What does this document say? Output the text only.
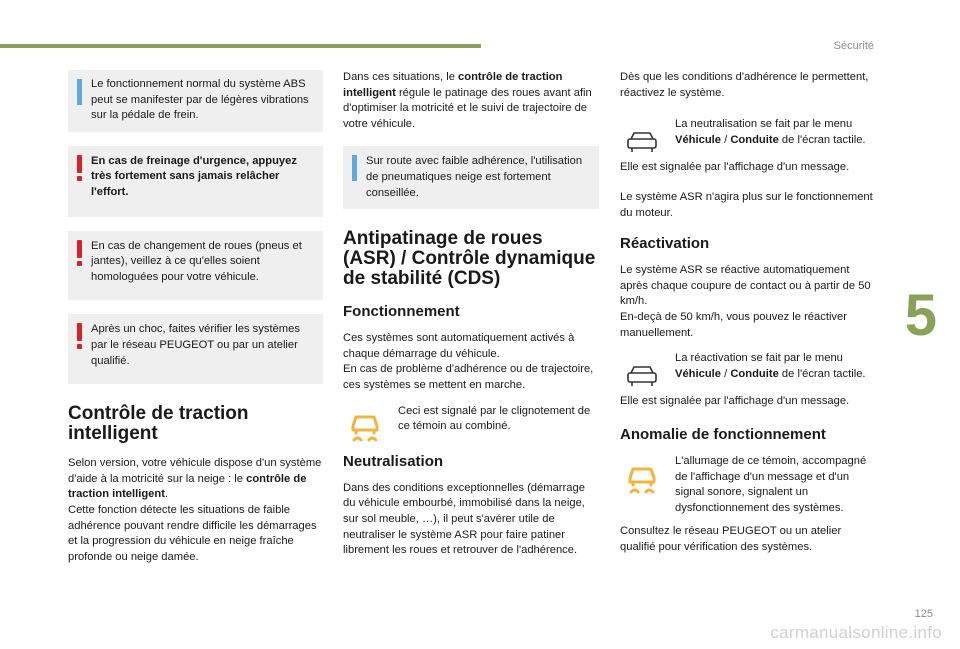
Sécurité
5

Le fonctionnement normal du système ABS peut se manifester par de légères vibrations sur la pédale de frein.

En cas de freinage d'urgence, appuyez très fortement sans jamais relâcher l'effort.

En cas de changement de roues (pneus et jantes), veillez à ce qu'elles soient homologuées pour votre véhicule.

Après un choc, faites vérifier les systèmes par le réseau PEUGEOT ou par un atelier qualifié.

Contrôle de traction intelligent

Selon version, votre véhicule dispose d'un système d'aide à la motricité sur la neige : le contrôle de traction intelligent.

Cette fonction détecte les situations de faible adhérence pouvant rendre difficile les démarrages et la progression du véhicule en neige fraîche profonde ou neige damée.

Dans ces situations, le contrôle de traction intelligent régule le patinage des roues avant afin d'optimiser la motricité et le suivi de trajectoire de votre véhicule.

Sur route avec faible adhérence, l'utilisation de pneumatiques neige est fortement conseillée.

Antipatinage de roues (ASR) / Contrôle dynamique de stabilité (CDS)
Fonctionnement

Ces systèmes sont automatiquement activés à chaque démarrage du véhicule.

En cas de problème d'adhérence ou de trajectoire, ces systèmes se mettent en marche.

Ceci est signalé par le clignotement de ce témoin au combiné.

Neutralisation

Dans des conditions exceptionnelles (démarrage du véhicule embourbé, immobilisé dans la neige, sur sol meuble, …), il peut s'avérer utile de neutraliser le système ASR pour faire patiner librement les roues et retrouver de l'adhérence.

Dès que les conditions d'adhérence le permettent, réactivez le système.

La neutralisation se fait par le menu Véhicule / Conduite de l'écran tactile.

Elle est signalée par l'affichage d'un message.

Le système ASR n'agira plus sur le fonctionnement du moteur.

Réactivation

Le système ASR se réactive automatiquement après chaque coupure de contact ou à partir de 50 km/h.

En-deçà de 50 km/h, vous pouvez le réactiver manuellement.

La réactivation se fait par le menu Véhicule / Conduite de l'écran tactile.

Elle est signalée par l'affichage d'un message.

Anomalie de fonctionnement

L'allumage de ce témoin, accompagné de l'affichage d'un message et d'un signal sonore, signalent un dysfonctionnement des systèmes.

Consultez le réseau PEUGEOT ou un atelier qualifié pour vérification des systèmes.

125
carmanualsonline.info
